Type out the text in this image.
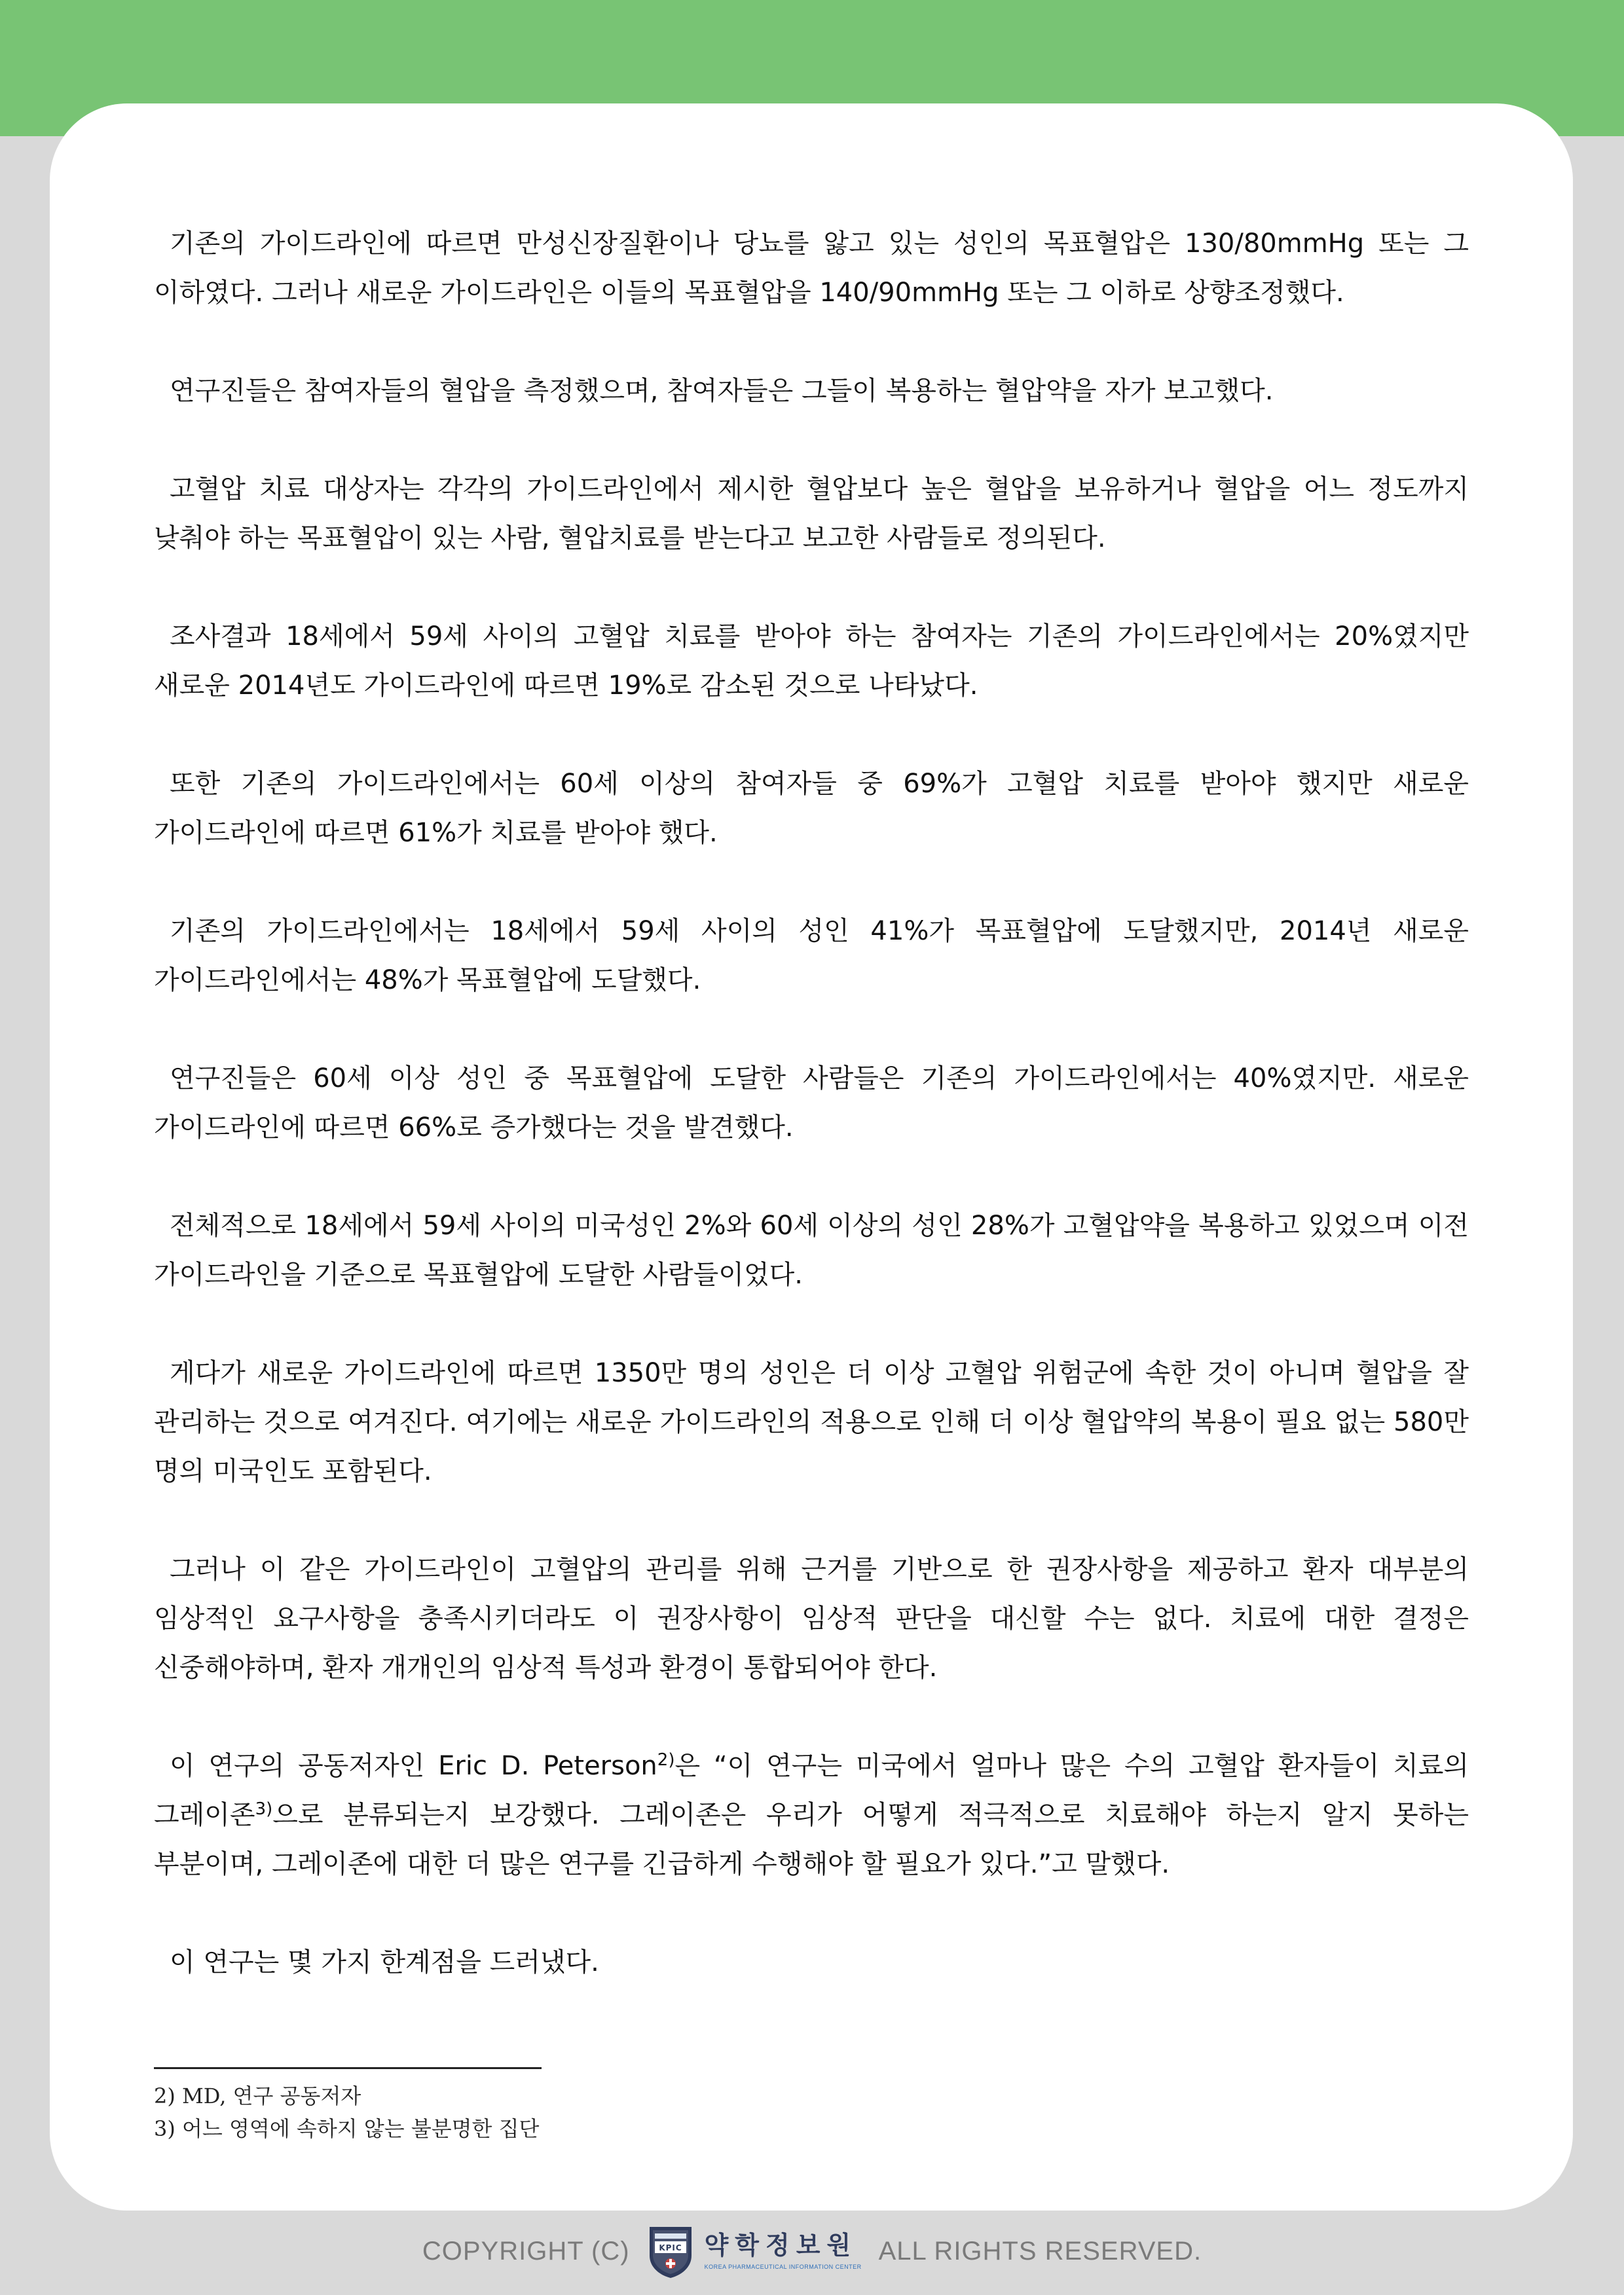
기존의 가이드라인에 따르면 만성신장질환이나 당뇨를 앓고 있는 성인의 목표혈압은 130/80mmHg 또는 그 이하였다. 그러나 새로운 가이드라인은 이들의 목표혈압을 140/90mmHg 또는 그 이하로 상향조정했다.

연구진들은 참여자들의 혈압을 측정했으며, 참여자들은 그들이 복용하는 혈압약을 자가 보고했다.

고혈압 치료 대상자는 각각의 가이드라인에서 제시한 혈압보다 높은 혈압을 보유하거나 혈압을 어느 정도까지 낮춰야 하는 목표혈압이 있는 사람, 혈압치료를 받는다고 보고한 사람들로 정의된다.

조사결과 18세에서 59세 사이의 고혈압 치료를 받아야 하는 참여자는 기존의 가이드라인에서는 20%였지만 새로운 2014년도 가이드라인에 따르면 19%로 감소된 것으로 나타났다.

또한 기존의 가이드라인에서는 60세 이상의 참여자들 중 69%가 고혈압 치료를 받아야 했지만 새로운 가이드라인에 따르면 61%가 치료를 받아야 했다.

기존의 가이드라인에서는 18세에서 59세 사이의 성인 41%가 목표혈압에 도달했지만, 2014년 새로운 가이드라인에서는 48%가 목표혈압에 도달했다.

연구진들은 60세 이상 성인 중 목표혈압에 도달한 사람들은 기존의 가이드라인에서는 40%였지만. 새로운 가이드라인에 따르면 66%로 증가했다는 것을 발견했다.

전체적으로 18세에서 59세 사이의 미국성인 2%와 60세 이상의 성인 28%가 고혈압약을 복용하고 있었으며 이전 가이드라인을 기준으로 목표혈압에 도달한 사람들이었다.

게다가 새로운 가이드라인에 따르면 1350만 명의 성인은 더 이상 고혈압 위험군에 속한 것이 아니며 혈압을 잘 관리하는 것으로 여겨진다. 여기에는 새로운 가이드라인의 적용으로 인해 더 이상 혈압약의 복용이 필요 없는 580만 명의 미국인도 포함된다.

그러나 이 같은 가이드라인이 고혈압의 관리를 위해 근거를 기반으로 한 권장사항을 제공하고 환자 대부분의 임상적인 요구사항을 충족시키더라도 이 권장사항이 임상적 판단을 대신할 수는 없다. 치료에 대한 결정은 신중해야하며, 환자 개개인의 임상적 특성과 환경이 통합되어야 한다.

이 연구의 공동저자인 Eric D. Peterson$^{2)}$은 “이 연구는 미국에서 얼마나 많은 수의 고혈압 환자들이 치료의 그레이존$^{3)}$으로 분류되는지 보강했다. 그레이존은 우리가 어떻게 적극적으로 치료해야 하는지 알지 못하는 부분이며, 그레이존에 대한 더 많은 연구를 긴급하게 수행해야 할 필요가 있다.”고 말했다.

이 연구는 몇 가지 한계점을 드러냈다.

2) MD, 연구 공동저자
3) 어느 영역에 속하지 않는 불분명한 집단
COPYRIGHT (C)	KPIC 약학정보원
KOREA PHARMACEUTICAL INFORMATION CENTER
ALL RIGHTS RESERVED.
